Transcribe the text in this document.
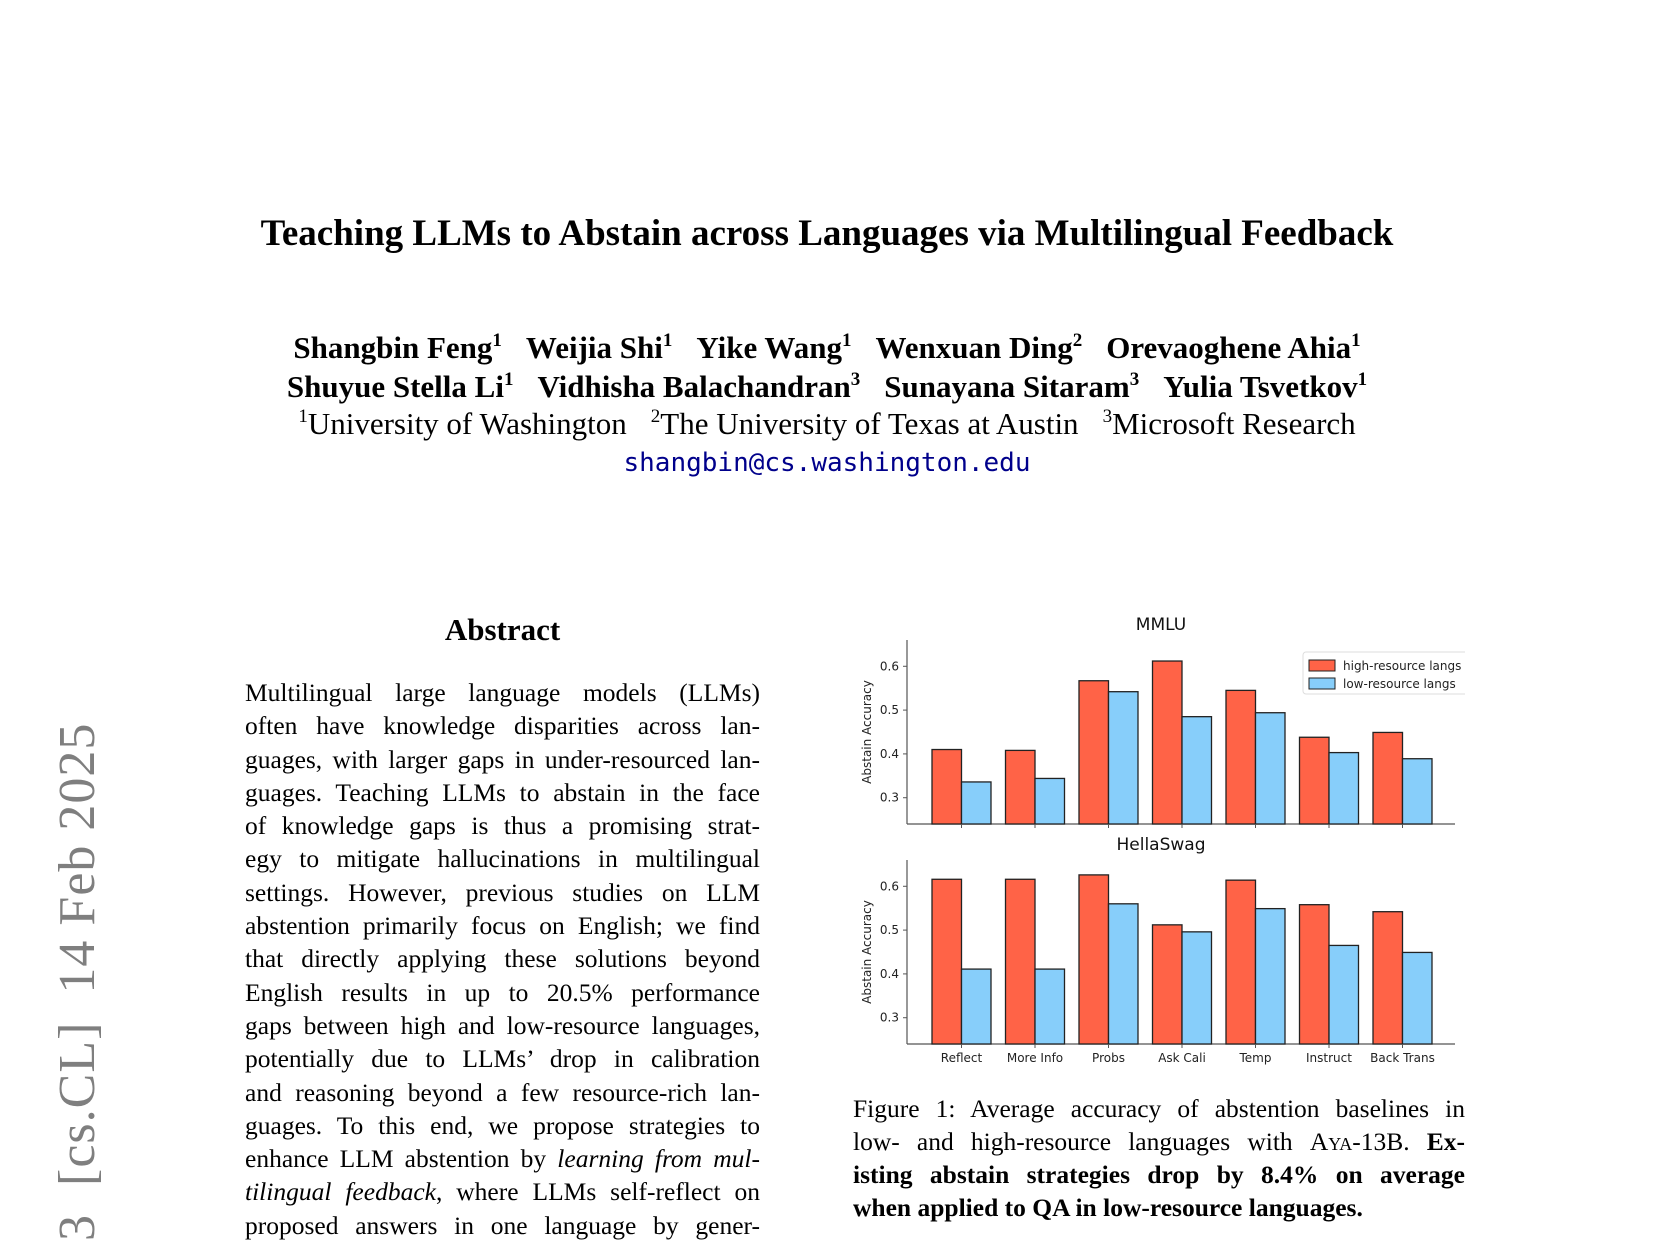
3[cs.CL]14 Feb 2025
Teaching LLMs to Abstain across Languages via Multilingual Feedback
Shangbin Feng$^1$ Weijia Shi$^1$ Yike Wang$^1$ Wenxuan Ding$^2$ Orevaoghene Ahia$^1$
Shuyue Stella Li$^1$ Vidhisha Balachandran$^3$ Sunayana Sitaram$^3$ Yulia Tsvetkov$^1$
$^1$University of Washington $^2$The University of Texas at Austin $^3$Microsoft Research
shangbin@cs.washington.edu
Abstract
Multilingual large language models (LLMs)
often have knowledge disparities across lan-
guages, with larger gaps in under-resourced lan-
guages. Teaching LLMs to abstain in the face
of knowledge gaps is thus a promising strat-
egy to mitigate hallucinations in multilingual
settings. However, previous studies on LLM
abstention primarily focus on English; we find
that directly applying these solutions beyond
English results in up to 20.5% performance
gaps between high and low-resource languages,
potentially due to LLMs’ drop in calibration
and reasoning beyond a few resource-rich lan-
guages. To this end, we propose strategies to
enhance LLM abstention by learning from mul-
tilingual feedback, where LLMs self-reflect on
proposed answers in one language by gener-
MMLU
0.3
0.4
0.5
0.6
Abstain Accuracy
high-resource langs
low-resource langs
HellaSwag
0.3
0.4
0.5
0.6
Abstain Accuracy
Reflect More Info Probs	Ask Cali	Temp	Instruct Back Trans
Figure 1: Average accuracy of abstention baselines in
low- and high-resource languages with Aya-13B. Ex-
isting abstain strategies drop by 8.4% on average
when applied to QA in low-resource languages.
